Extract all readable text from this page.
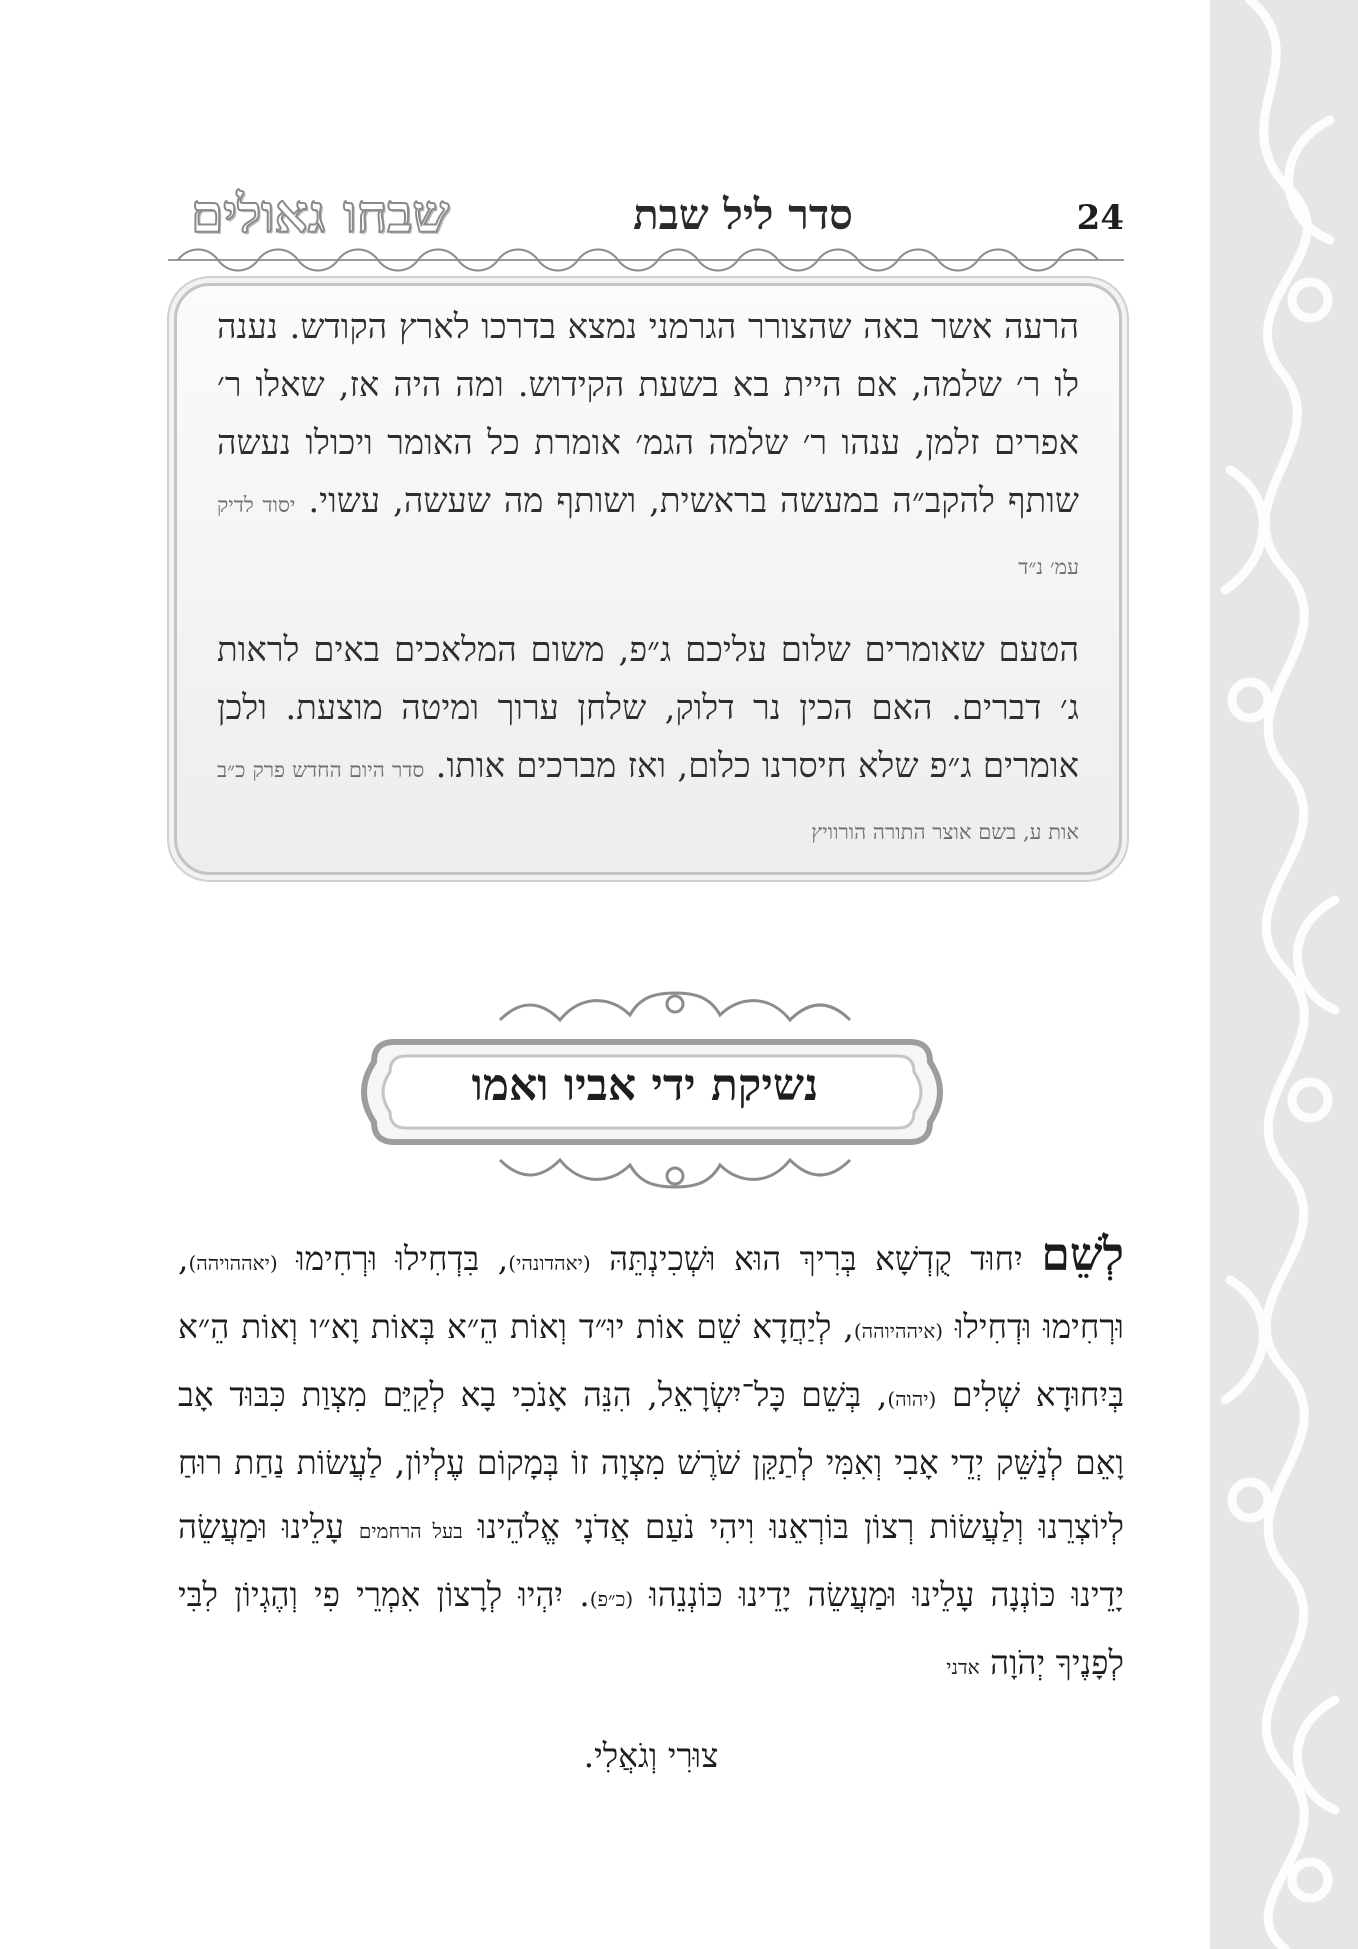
24
סדר ליל שבת
שבחו גאולים
הרעה אשר באה שהצורר הגרמני נמצא בדרכו לארץ הקודש. נענה לו ר׳ שלמה, אם היית בא בשעת הקידוש. ומה היה אז, שאלו ר׳ אפרים זלמן, ענהו ר׳ שלמה הגמ׳ אומרת כל האומר ויכולו נעשה שותף להקב״ה במעשה בראשית, ושותף מה שעשה, עשוי. יסוד לדיק עמ׳ נ״ד
הטעם שאומרים שלום עליכם ג״פ, משום המלאכים באים לראות ג׳ דברים. האם הכין נר דלוק, שלחן ערוך ומיטה מוצעת. ולכן אומרים ג״פ שלא חיסרנו כלום, ואז מברכים אותו. סדר היום החדש פרק כ״ב אות ע, בשם אוצר התורה הורוויץ
נשיקת ידי אביו ואמו
לְשֵׁם יִחוּד קֻדְשָׁא בְּרִיךְ הוּא וּשְׁכִינְתֵּהּ (יאהדונהי), בִּדְחִילוּ וּרְחִימוּ (יאההויהה), וּרְחִימוּ וּדְחִילוּ (איההיוהה), לְיַחֲדָא שֵׁם אוֹת יוּ״ד וְאוֹת הֵ״א בְּאוֹת וָא״ו וְאוֹת הֵ״א בְּיִחוּדָא שְׁלִים (יהוה), בְּשֵׁם כָּל־יִשְׂרָאֵל, הִנֵּה אָנֹכִי בָא לְקַיֵּם מִצְוַת כִּבּוּד אָב וָאֵם לְנַשֵּׁק יְדֵי אָבִי וְאִמִּי לְתַקֵּן שֹׁרֶשׁ מִצְוָה זוֹ בְּמָקוֹם עֶלְיוֹן, לַעֲשׂוֹת נַחַת רוּחַ לְיוֹצְרֵנוּ וְלַעֲשׂוֹת רְצוֹן בּוֹרְאֵנוּ וִיהִי נֹעַם אֲדֹנָי אֱלֹהֵינוּ בעל הרחמים עָלֵינוּ וּמַעֲשֵׂה יָדֵינוּ כּוֹנְנָה עָלֵינוּ וּמַעֲשֵׂה יָדֵינוּ כּוֹנְנֵהוּ (כ״פ). יִהְיוּ לְרָצוֹן אִמְרֵי פִי וְהֶגְיוֹן לִבִּי לְפָנֶיךָ יְהֹוָה אדני
צוּרִי וְגֹאֲלִי.
